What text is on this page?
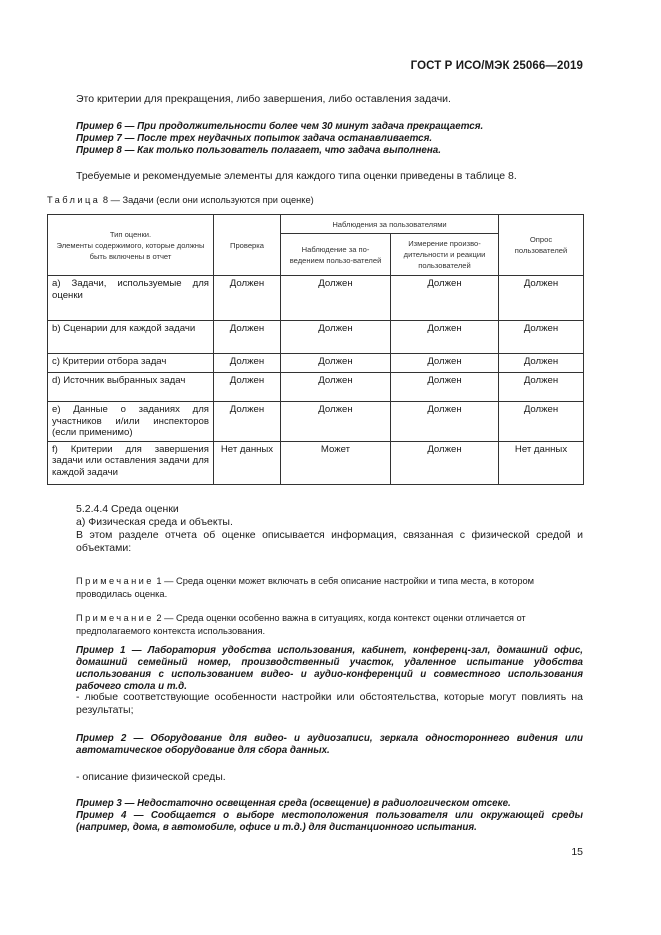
ГОСТ Р ИСО/МЭК 25066—2019
Это критерии для прекращения, либо завершения, либо оставления задачи.
Пример 6 — При продолжительности более чем 30 минут задача прекращается.
Пример 7 — После трех неудачных попыток задача останавливается.
Пример 8 — Как только пользователь полагает, что задача выполнена.
Требуемые и рекомендуемые элементы для каждого типа оценки приведены в таблице 8.
Таблица 8 — Задачи (если они используются при оценке)
Тип оценки.
Элементы содержимого, которые должны быть включены в отчет	Проверка	Наблюдения за пользователями		Опрос пользователей
		Наблюдение за по-ведением пользо-вателей	Измерение произво-дительности и реакции пользователей	
a) Задачи, используемые для оценки	Должен	Должен	Должен	Должен
b) Сценарии для каждой задачи	Должен	Должен	Должен	Должен
c) Критерии отбора задач	Должен	Должен	Должен	Должен
d) Источник выбранных задач	Должен	Должен	Должен	Должен
e) Данные о заданиях для участников и/или инспекторов (если применимо)	Должен	Должен	Должен	Должен
f) Критерии для завершения задачи или оставления задачи для каждой задачи	Нет данных	Может	Должен	Нет данных
5.2.4.4 Среда оценки
а) Физическая среда и объекты.
В этом разделе отчета об оценке описывается информация, связанная с физической средой и объектами:
Примечание 1 — Среда оценки может включать в себя описание настройки и типа места, в котором проводилась оценка.
Примечание 2 — Среда оценки особенно важна в ситуациях, когда контекст оценки отличается от предполагаемого контекста использования.
Пример 1 — Лаборатория удобства использования, кабинет, конференц-зал, домашний офис, домашний семейный номер, производственный участок, удаленное испытание удобства использования с использованием видео- и аудио-конференций и совместного использования рабочего стола и т.д.
- любые соответствующие особенности настройки или обстоятельства, которые могут повлиять на результаты;
Пример 2 — Оборудование для видео- и аудиозаписи, зеркала одностороннего видения или автоматическое оборудование для сбора данных.
- описание физической среды.
Пример 3 — Недостаточно освещенная среда (освещение) в радиологическом отсеке.
Пример 4 — Сообщается о выборе местоположения пользователя или окружающей среды (например, дома, в автомобиле, офисе и т.д.) для дистанционного испытания.
15
